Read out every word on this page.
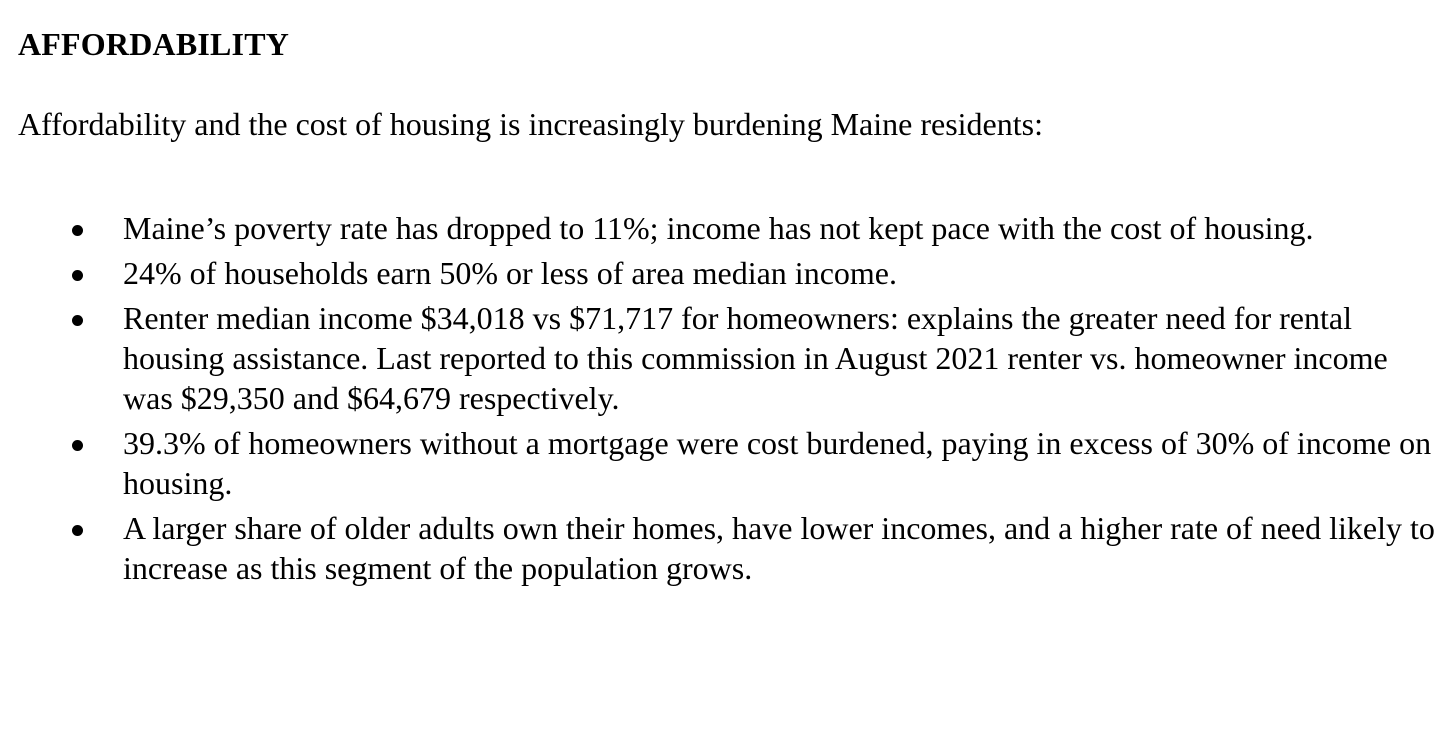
AFFORDABILITY
Affordability and the cost of housing is increasingly burdening Maine residents:
Maine’s poverty rate has dropped to 11%; income has not kept pace with the cost of housing.
24% of households earn 50% or less of area median income.
Renter median income $34,018 vs $71,717 for homeowners: explains the greater need for rental housing assistance. Last reported to this commission in August 2021 renter vs. homeowner income was $29,350 and $64,679 respectively.
39.3% of homeowners without a mortgage were cost burdened, paying in excess of 30% of income on housing.
A larger share of older adults own their homes, have lower incomes, and a higher rate of need likely to increase as this segment of the population grows.
